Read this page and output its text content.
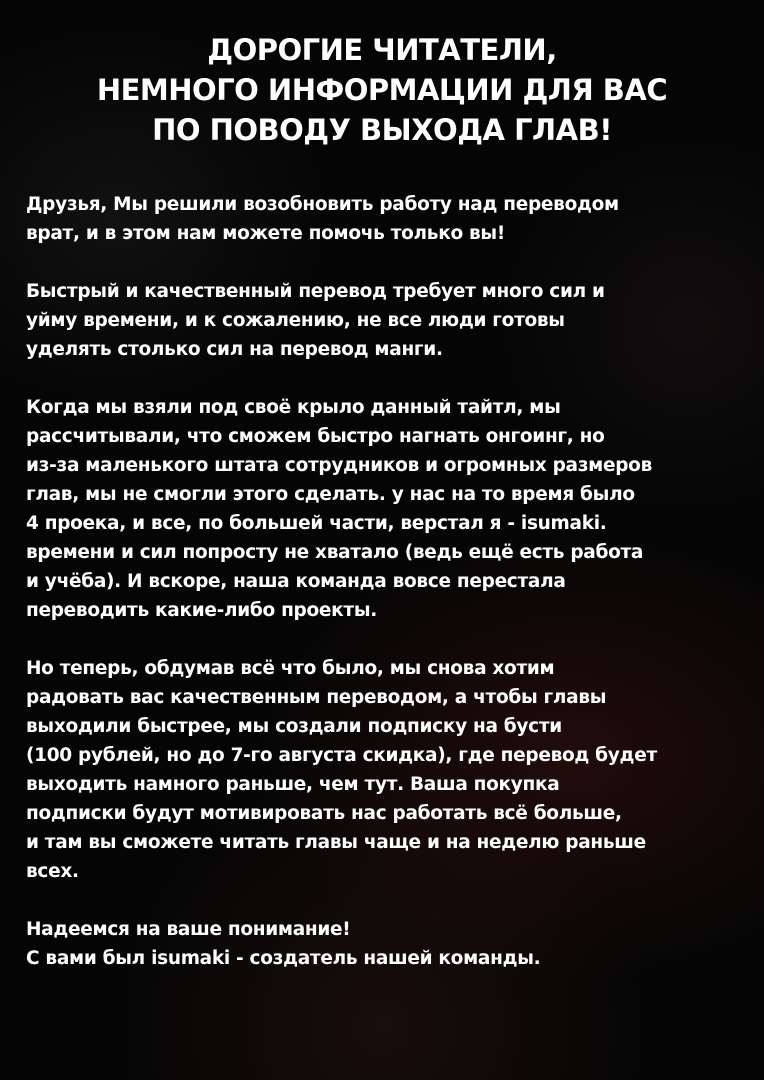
ДОРОГИЕ ЧИТАТЕЛИ,
НЕМНОГО ИНФОРМАЦИИ ДЛЯ ВАС
ПО ПОВОДУ ВЫХОДА ГЛАВ!

Друзья, Мы решили возобновить работу над переводом
врат, и в этом нам можете помочь только вы!

Быстрый и качественный перевод требует много сил и
уйму времени, и к сожалению, не все люди готовы
уделять столько сил на перевод манги.

Когда мы взяли под своё крыло данный тайтл, мы
рассчитывали, что сможем быстро нагнать онгоинг, но
из-за маленького штата сотрудников и огромных размеров
глав, мы не смогли этого сделать. у нас на то время было
4 проека, и все, по большей части, верстал я - isumaki.
времени и сил попросту не хватало (ведь ещё есть работа
и учёба). И вскоре, наша команда вовсе перестала
переводить какие-либо проекты.

Но теперь, обдумав всё что было, мы снова хотим
радовать вас качественным переводом, а чтобы главы
выходили быстрее, мы создали подписку на бусти
(100 рублей, но до 7-го августа скидка), где перевод будет
выходить намного раньше, чем тут. Ваша покупка
подписки будут мотивировать нас работать всё больше,
и там вы сможете читать главы чаще и на неделю раньше
всех.

Надеемся на ваше понимание!
С вами был isumaki - создатель нашей команды.
